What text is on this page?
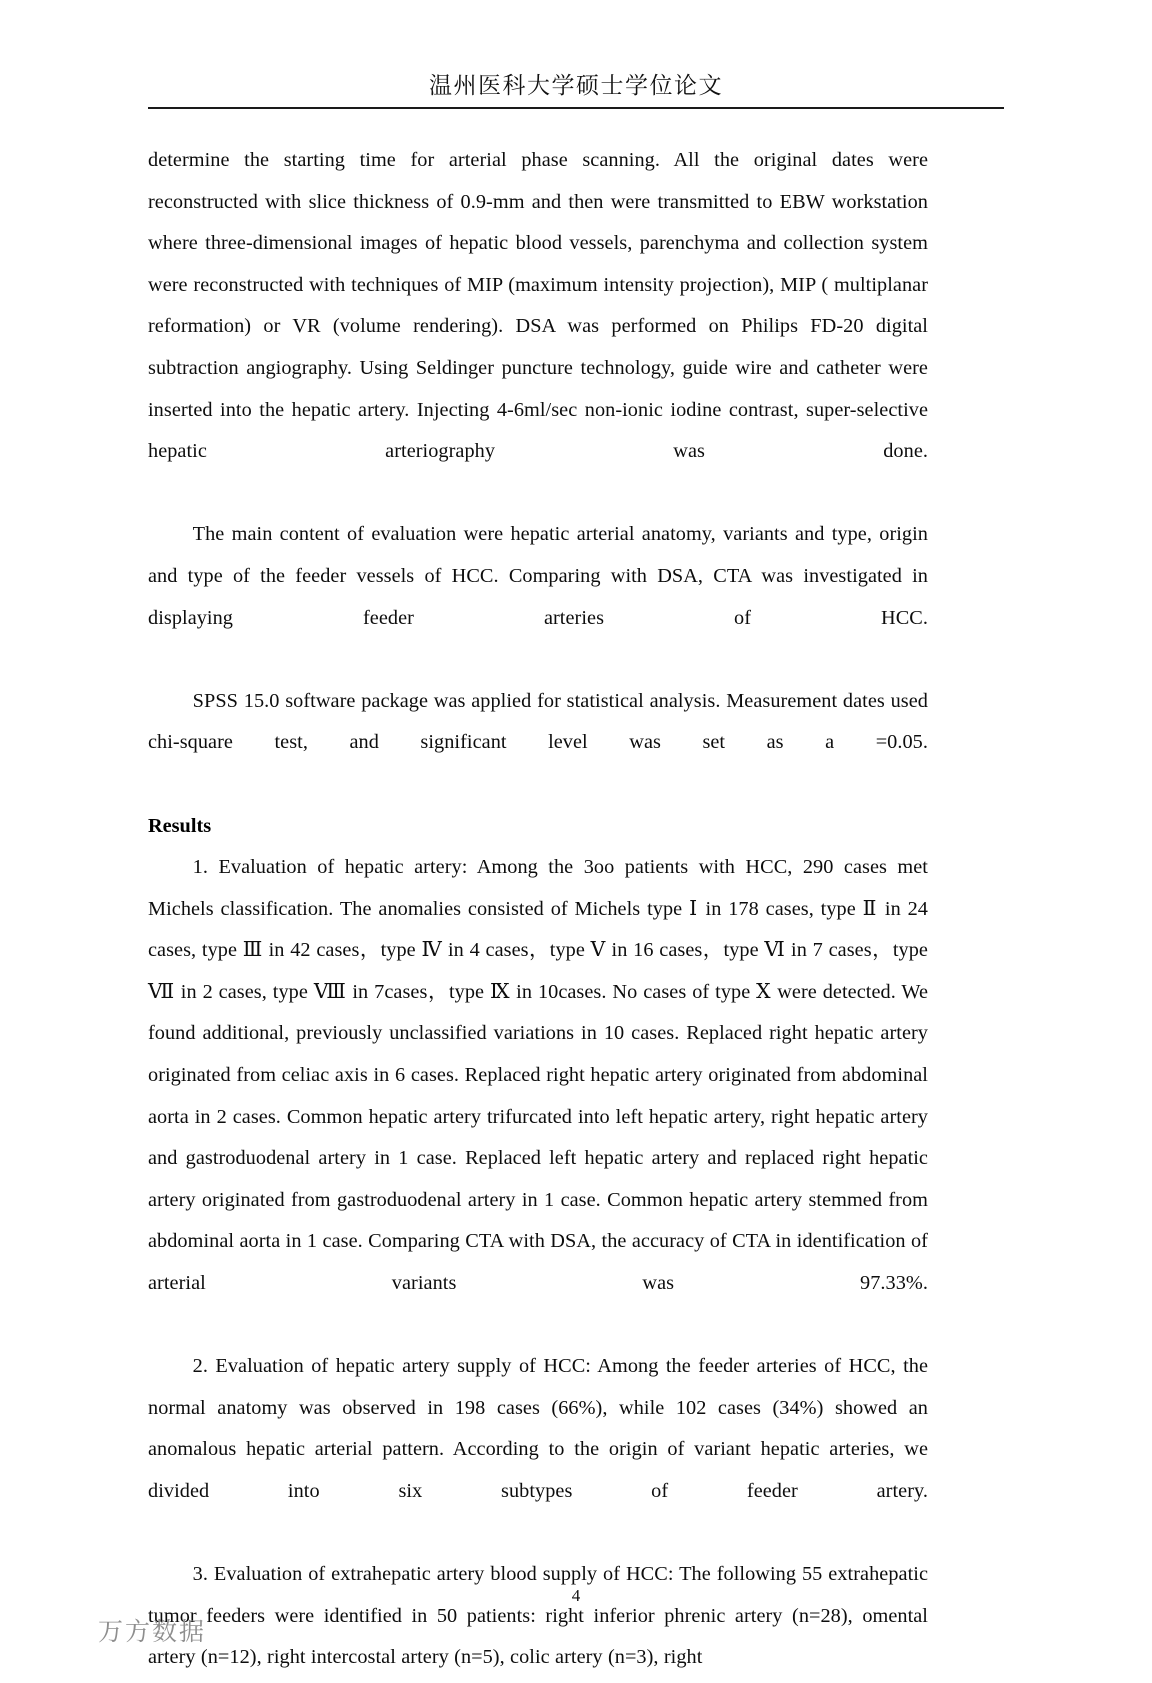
温州医科大学硕士学位论文

determine the starting time for arterial phase scanning. All the original dates were reconstructed with slice thickness of 0.9-mm and then were transmitted to EBW workstation where three-dimensional images of hepatic blood vessels, parenchyma and collection system were reconstructed with techniques of MIP (maximum intensity projection), MIP ( multiplanar reformation) or VR (volume rendering). DSA was performed on Philips FD-20 digital subtraction angiography. Using Seldinger puncture technology, guide wire and catheter were inserted into the hepatic artery. Injecting 4-6ml/sec non-ionic iodine contrast, super-selective hepatic arteriography was done.

The main content of evaluation were hepatic arterial anatomy, variants and type, origin and type of the feeder vessels of HCC. Comparing with DSA, CTA was investigated in displaying feeder arteries of HCC.

SPSS 15.0 software package was applied for statistical analysis. Measurement dates used chi-square test, and significant level was set as a =0.05.

Results

1. Evaluation of hepatic artery: Among the 3oo patients with HCC, 290 cases met Michels classification. The anomalies consisted of Michels type Ⅰ in 178 cases, type Ⅱ in 24 cases, type Ⅲ in 42 cases，type Ⅳ in 4 cases，type Ⅴ in 16 cases，type Ⅵ in 7 cases，type Ⅶ in 2 cases, type Ⅷ in 7cases，type Ⅸ in 10cases. No cases of type Ⅹ were detected. We found additional, previously unclassified variations in 10 cases. Replaced right hepatic artery originated from celiac axis in 6 cases. Replaced right hepatic artery originated from abdominal aorta in 2 cases. Common hepatic artery trifurcated into left hepatic artery, right hepatic artery and gastroduodenal artery in 1 case. Replaced left hepatic artery and replaced right hepatic artery originated from gastroduodenal artery in 1 case. Common hepatic artery stemmed from abdominal aorta in 1 case. Comparing CTA with DSA, the accuracy of CTA in identification of arterial variants was 97.33%.

2. Evaluation of hepatic artery supply of HCC: Among the feeder arteries of HCC, the normal anatomy was observed in 198 cases (66%), while 102 cases (34%) showed an anomalous hepatic arterial pattern. According to the origin of variant hepatic arteries, we divided into six subtypes of feeder artery.

3. Evaluation of extrahepatic artery blood supply of HCC: The following 55 extrahepatic tumor feeders were identified in 50 patients: right inferior phrenic artery (n=28), omental artery (n=12), right intercostal artery (n=5), colic artery (n=3), right

4
万方数据
